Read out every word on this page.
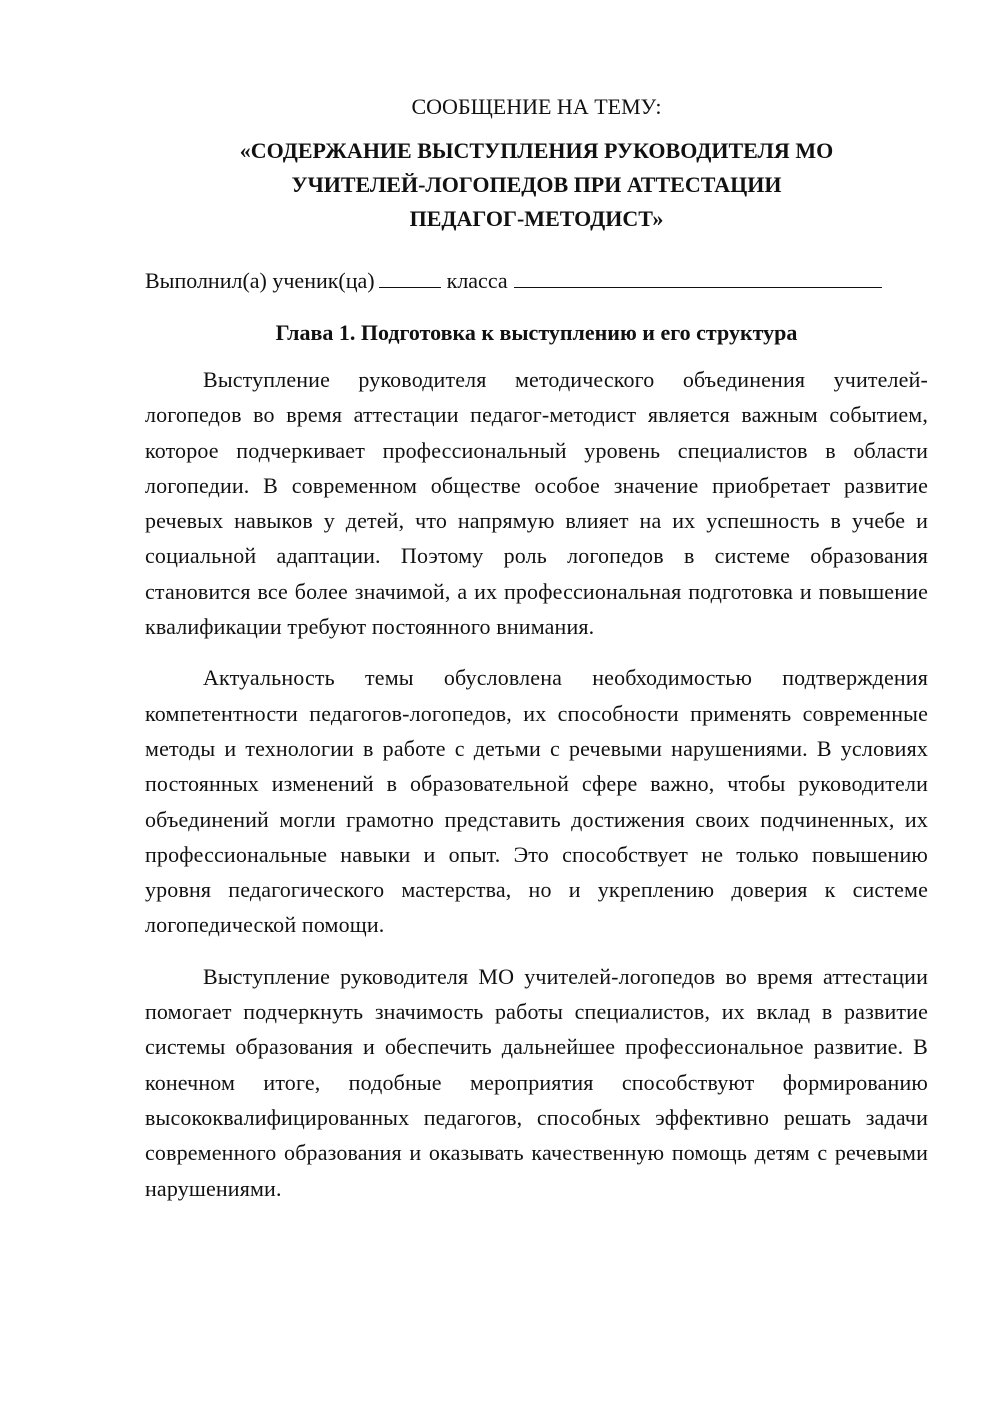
СООБЩЕНИЕ НА ТЕМУ:

«СОДЕРЖАНИЕ ВЫСТУПЛЕНИЯ РУКОВОДИТЕЛЯ МО
УЧИТЕЛЕЙ-ЛОГОПЕДОВ ПРИ АТТЕСТАЦИИ
ПЕДАГОГ-МЕТОДИСТ»

Выполнил(а) ученик(ца)	класса

Глава 1. Подготовка к выступлению и его структура

Выступление руководителя методического объединения учителей-логопедов во время аттестации педагог-методист является важным событием, которое подчеркивает профессиональный уровень специалистов в области логопедии. В современном обществе особое значение приобретает развитие речевых навыков у детей, что напрямую влияет на их успешность в учебе и социальной адаптации. Поэтому роль логопедов в системе образования становится все более значимой, а их профессиональная подготовка и повышение квалификации требуют постоянного внимания.

Актуальность темы обусловлена необходимостью подтверждения компетентности педагогов-логопедов, их способности применять современные методы и технологии в работе с детьми с речевыми нарушениями. В условиях постоянных изменений в образовательной сфере важно, чтобы руководители объединений могли грамотно представить достижения своих подчиненных, их профессиональные навыки и опыт. Это способствует не только повышению уровня педагогического мастерства, но и укреплению доверия к системе логопедической помощи.

Выступление руководителя МО учителей-логопедов во время аттестации помогает подчеркнуть значимость работы специалистов, их вклад в развитие системы образования и обеспечить дальнейшее профессиональное развитие. В конечном итоге, подобные мероприятия способствуют формированию высококвалифицированных педагогов, способных эффективно решать задачи современного образования и оказывать качественную помощь детям с речевыми нарушениями.
